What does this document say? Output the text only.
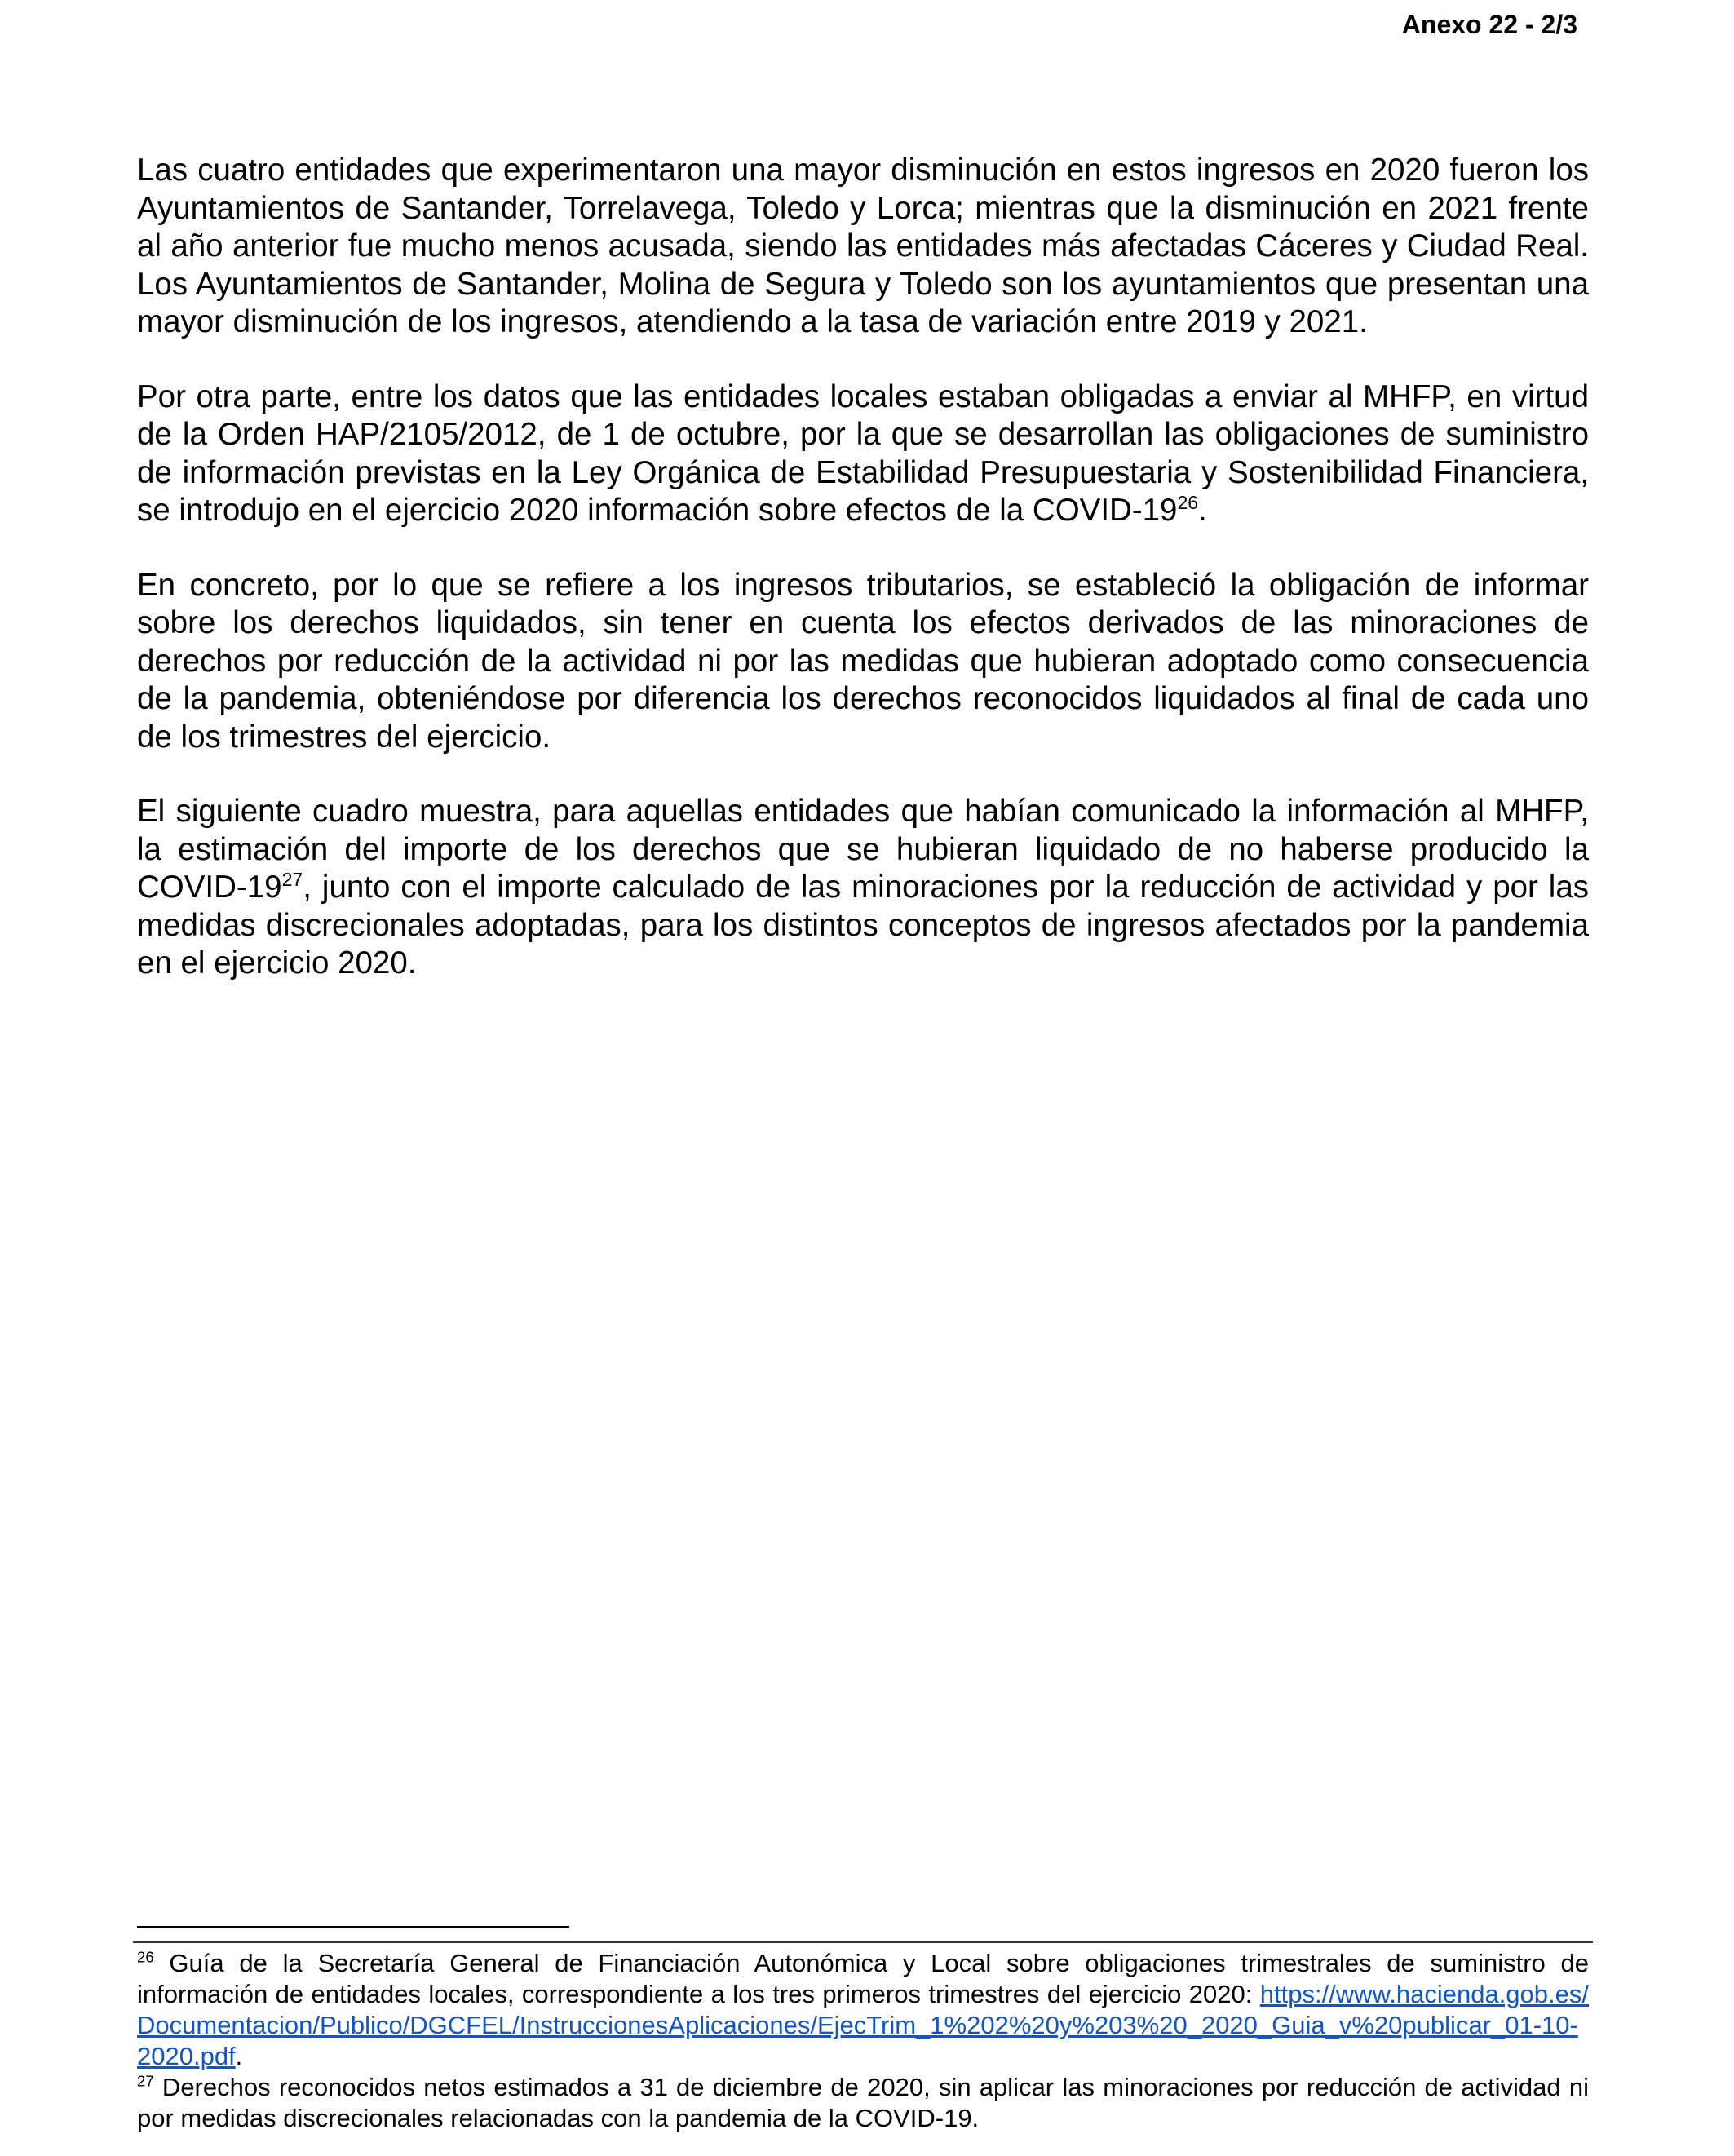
Anexo 22 - 2/3

Las cuatro entidades que experimentaron una mayor disminución en estos ingresos en 2020 fueron los Ayuntamientos de Santander, Torrelavega, Toledo y Lorca; mientras que la disminución en 2021 frente al año anterior fue mucho menos acusada, siendo las entidades más afectadas Cáceres y Ciudad Real. Los Ayuntamientos de Santander, Molina de Segura y Toledo son los ayuntamientos que presentan una mayor disminución de los ingresos, atendiendo a la tasa de variación entre 2019 y 2021.

Por otra parte, entre los datos que las entidades locales estaban obligadas a enviar al MHFP, en virtud de la Orden HAP/2105/2012, de 1 de octubre, por la que se desarrollan las obligaciones de suministro de información previstas en la Ley Orgánica de Estabilidad Presupuestaria y Sostenibilidad Financiera, se introdujo en el ejercicio 2020 información sobre efectos de la COVID-$19^{26}$.

En concreto, por lo que se refiere a los ingresos tributarios, se estableció la obligación de informar sobre los derechos liquidados, sin tener en cuenta los efectos derivados de las minoraciones de derechos por reducción de la actividad ni por las medidas que hubieran adoptado como consecuencia de la pandemia, obteniéndose por diferencia los derechos reconocidos liquidados al final de cada uno de los trimestres del ejercicio.

El siguiente cuadro muestra, para aquellas entidades que habían comunicado la información al MHFP, la estimación del importe de los derechos que se hubieran liquidado de no haberse producido la COVID-$19^{27}$, junto con el importe calculado de las minoraciones por la reducción de actividad y por las medidas discrecionales adoptadas, para los distintos conceptos de ingresos afectados por la pandemia en el ejercicio 2020.

$^{26}$ Guía de la Secretaría General de Financiación Autonómica y Local sobre obligaciones trimestrales de suministro de información de entidades locales, correspondiente a los tres primeros trimestres del ejercicio 2020: https://www.hacienda.gob.es/Documentacion/Publico/DGCFEL/InstruccionesAplicaciones/EjecTrim_1%202%20y%203%20_2020_Guia_v%20publicar_01-10-2020.pdf.

$^{27}$ Derechos reconocidos netos estimados a 31 de diciembre de 2020, sin aplicar las minoraciones por reducción de actividad ni por medidas discrecionales relacionadas con la pandemia de la COVID-19.
